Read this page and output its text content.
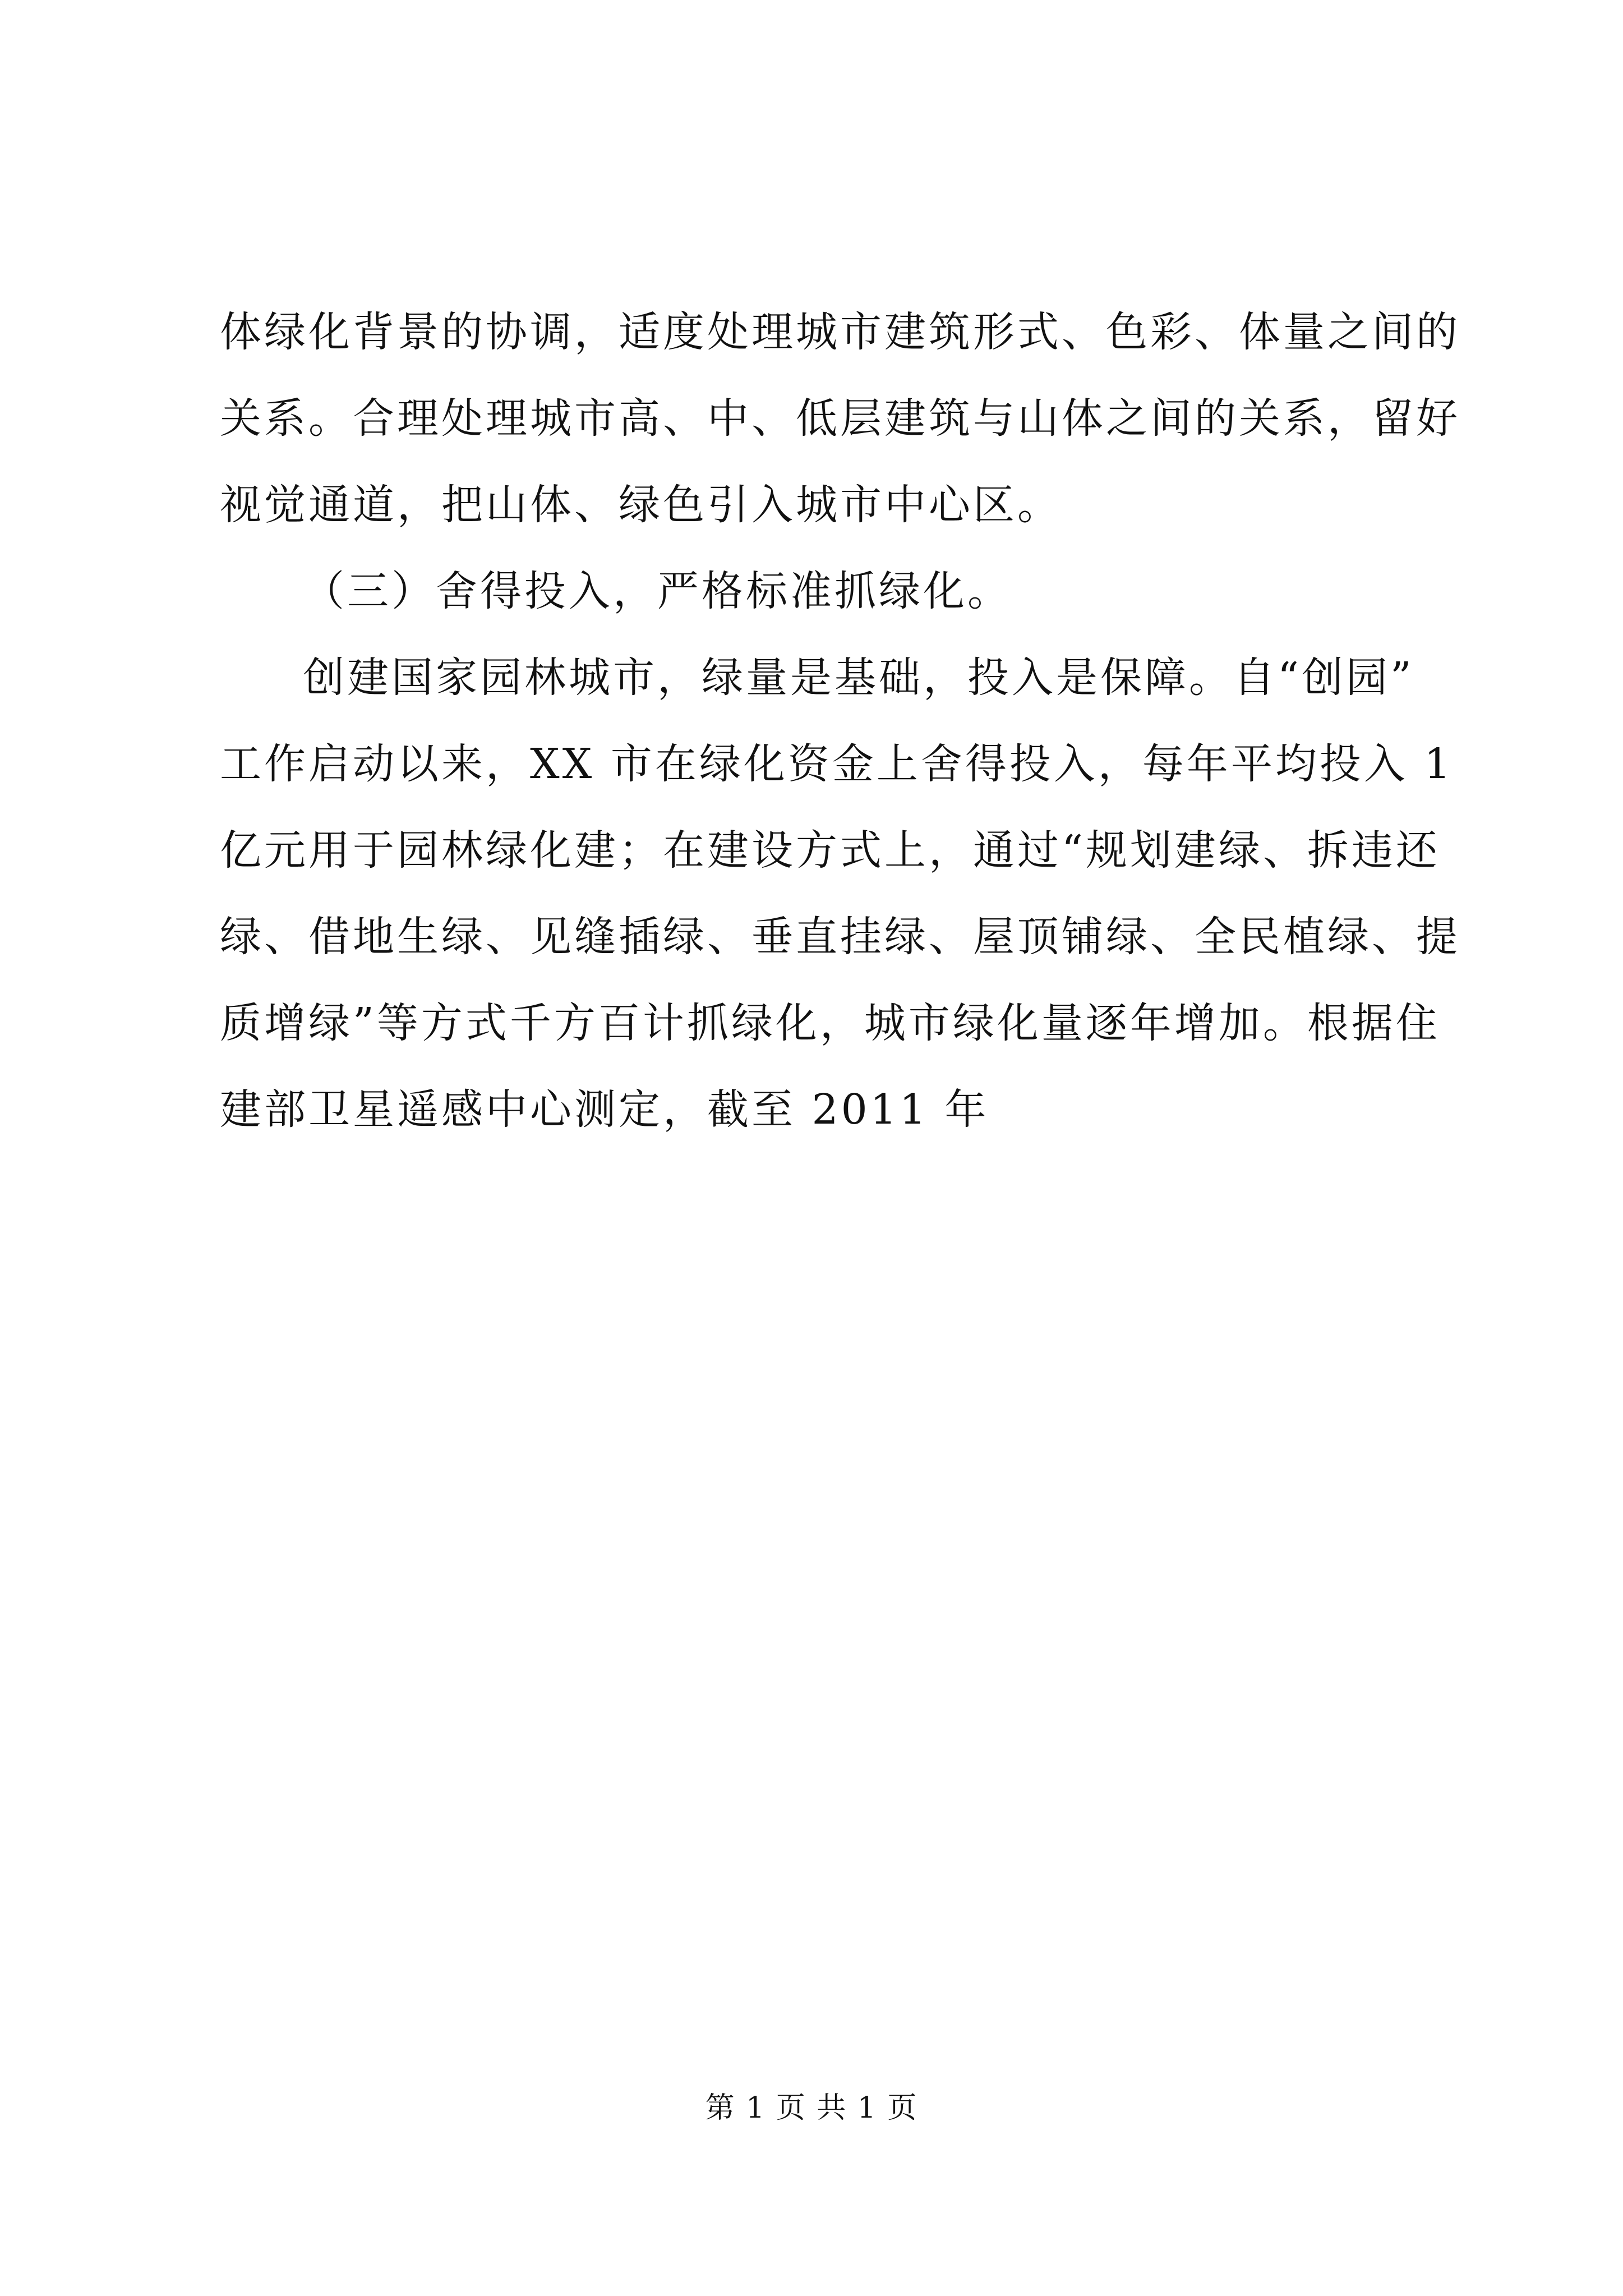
体绿化背景的协调，适度处理城市建筑形式、色彩、体量之间的
关系。合理处理城市高、中、低层建筑与山体之间的关系，留好
视觉通道，把山体、绿色引入城市中心区。
（三）舍得投入，严格标准抓绿化。
创建国家园林城市，绿量是基础，投入是保障。自“创园”
工作启动以来，XX 市在绿化资金上舍得投入，每年平均投入 1
亿元用于园林绿化建；在建设方式上，通过“规划建绿、拆违还
绿、借地生绿、见缝插绿、垂直挂绿、屋顶铺绿、全民植绿、提
质增绿”等方式千方百计抓绿化，城市绿化量逐年增加。根据住
建部卫星遥感中心测定，截至 2011 年
第 1 页 共 1 页
